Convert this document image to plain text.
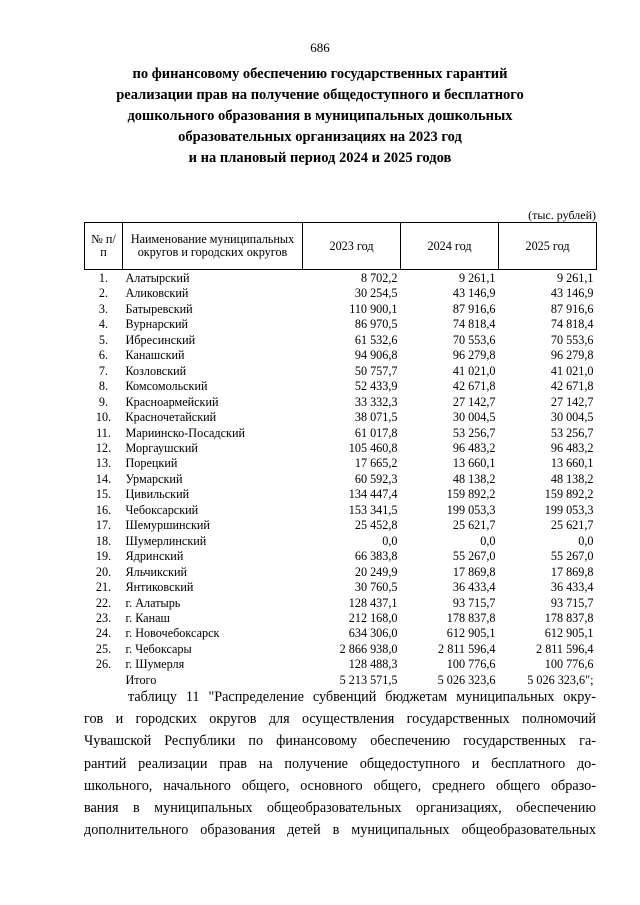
686
по финансовому обеспечению государственных гарантий
реализации прав на получение общедоступного и бесплатного
дошкольного образования в муниципальных дошкольных
образовательных организациях на 2023 год
и на плановый период 2024 и 2025 годов
(тыс. рублей)
№ п/п	Наименование муниципальных округов и городских округов	2023 год	2024 год	2025 год
1.	Алатырский	8 702,2	9 261,1	9 261,1
2.	Аликовский	30 254,5	43 146,9	43 146,9
3.	Батыревский	110 900,1	87 916,6	87 916,6
4.	Вурнарский	86 970,5	74 818,4	74 818,4
5.	Ибресинский	61 532,6	70 553,6	70 553,6
6.	Канашский	94 906,8	96 279,8	96 279,8
7.	Козловский	50 757,7	41 021,0	41 021,0
8.	Комсомольский	52 433,9	42 671,8	42 671,8
9.	Красноармейский	33 332,3	27 142,7	27 142,7
10.	Красночетайский	38 071,5	30 004,5	30 004,5
11.	Мариинско-Посадский	61 017,8	53 256,7	53 256,7
12.	Моргаушский	105 460,8	96 483,2	96 483,2
13.	Порецкий	17 665,2	13 660,1	13 660,1
14.	Урмарский	60 592,3	48 138,2	48 138,2
15.	Цивильский	134 447,4	159 892,2	159 892,2
16.	Чебоксарский	153 341,5	199 053,3	199 053,3
17.	Шемуршинский	25 452,8	25 621,7	25 621,7
18.	Шумерлинский	0,0	0,0	0,0
19.	Ядринский	66 383,8	55 267,0	55 267,0
20.	Яльчикский	20 249,9	17 869,8	17 869,8
21.	Янтиковский	30 760,5	36 433,4	36 433,4
22.	г. Алатырь	128 437,1	93 715,7	93 715,7
23.	г. Канаш	212 168,0	178 837,8	178 837,8
24.	г. Новочебоксарск	634 306,0	612 905,1	612 905,1
25.	г. Чебоксары	2 866 938,0	2 811 596,4	2 811 596,4
26.	г. Шумерля	128 488,3	100 776,6	100 776,6
	Итого	5 213 571,5	5 026 323,6	5 026 323,6";
таблицу 11 "Распределение субвенций бюджетам муниципальных окру-
гов и городских округов для осуществления государственных полномочий
Чувашской Республики по финансовому обеспечению государственных га-
рантий реализации прав на получение общедоступного и бесплатного до-
школьного, начального общего, основного общего, среднего общего образо-
вания в муниципальных общеобразовательных организациях, обеспечению
дополнительного образования детей в муниципальных общеобразовательных
